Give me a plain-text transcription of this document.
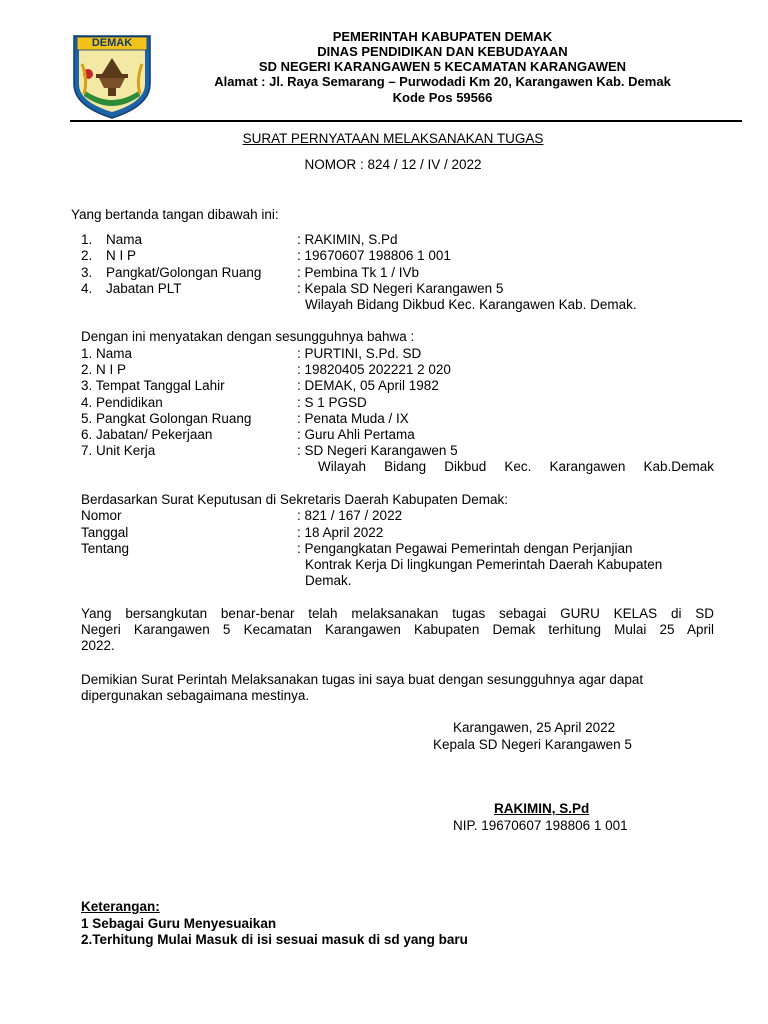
DEMAK	PEMERINTAH KABUPATEN DEMAK
DINAS PENDIDIKAN DAN KEBUDAYAAN
SD NEGERI KARANGAWEN 5 KECAMATAN KARANGAWEN
Alamat : Jl. Raya Semarang – Purwodadi Km 20, Karangawen Kab. Demak
Kode Pos 59566
SURAT PERNYATAAN MELAKSANAKAN TUGAS
NOMOR : 824 / 12 / IV / 2022
Yang bertanda tangan dibawah ini:
1. Nama	: RAKIMIN, S.Pd
2. N I P	: 19670607 198806 1 001
3. Pangkat/Golongan Ruang	: Pembina Tk 1 / IVb
4. Jabatan PLT	: Kepala SD Negeri Karangawen 5
Wilayah Bidang Dikbud Kec. Karangawen Kab. Demak.
Dengan ini menyatakan dengan sesungguhnya bahwa :
1. Nama	: PURTINI, S.Pd. SD
2. N I P	: 19820405 202221 2 020
3. Tempat Tanggal Lahir	: DEMAK, 05 April 1982
4. Pendidikan	: S 1 PGSD
5. Pangkat Golongan Ruang	: Penata Muda / IX
6. Jabatan/ Pekerjaan	: Guru Ahli Pertama
7. Unit Kerja	: SD Negeri Karangawen 5
Wilayah Bidang Dikbud Kec. Karangawen Kab.Demak
Berdasarkan Surat Keputusan di Sekretaris Daerah Kabupaten Demak:
Nomor	: 821 / 167 / 2022
Tanggal	: 18 April 2022
Tentang	: Pengangkatan Pegawai Pemerintah dengan Perjanjian
Kontrak Kerja Di lingkungan Pemerintah Daerah Kabupaten
Demak.
Yang bersangkutan benar-benar telah melaksanakan tugas sebagai GURU KELAS di SD
Negeri Karangawen 5 Kecamatan Karangawen Kabupaten Demak terhitung Mulai 25 April
2022.
Demikian Surat Perintah Melaksanakan tugas ini saya buat dengan sesungguhnya agar dapat
dipergunakan sebagaimana mestinya.
Karangawen, 25 April 2022
Kepala SD Negeri Karangawen 5
RAKIMIN, S.Pd
NIP. 19670607 198806 1 001
Keterangan:
1 Sebagai Guru Menyesuaikan
2.Terhitung Mulai Masuk di isi sesuai masuk di sd yang baru
